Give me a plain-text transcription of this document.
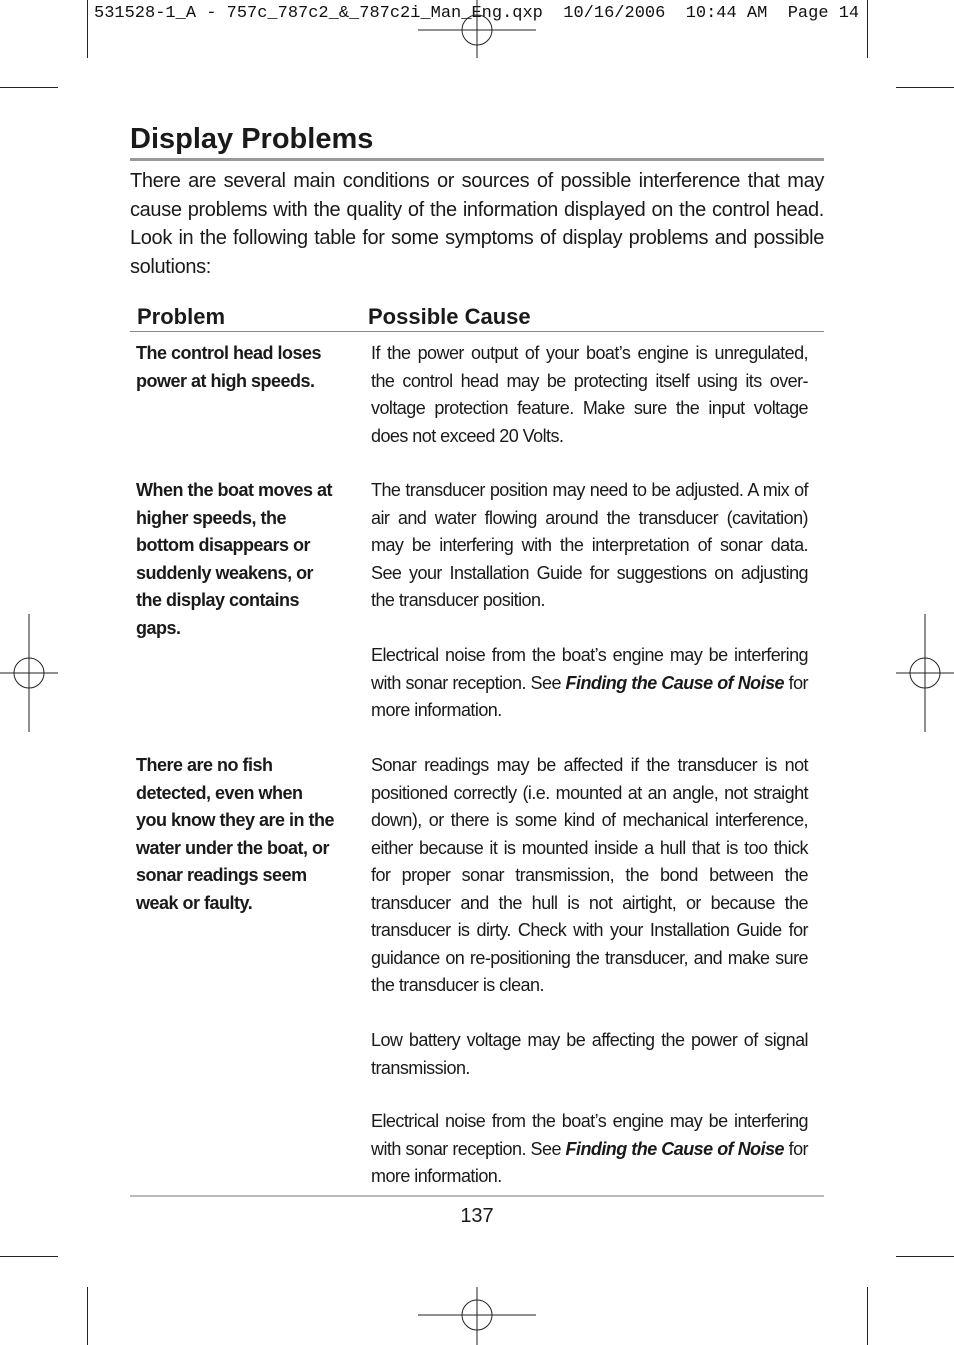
531528-1_A - 757c_787c2_&_787c2i_Man_Eng.qxp  10/16/2006  10:44 AM  Page 14
Display Problems

There are several main conditions or sources of possible interference that may cause problems with the quality of the information displayed on the control head. Look in the following table for some symptoms of display problems and possible solutions:

Problem	Possible Cause
The control head loses power at high speeds.
If the power output of your boat’s engine is unregulated, the control head may be protecting itself using its over-voltage protection feature. Make sure the input voltage does not exceed 20 Volts.
When the boat moves at higher speeds, the bottom disappears or suddenly weakens, or the display contains gaps.
The transducer position may need to be adjusted. A mix of air and water flowing around the transducer (cavitation) may be interfering with the interpretation of sonar data. See your Installation Guide for suggestions on adjusting the transducer position.
Electrical noise from the boat’s engine may be interfering with sonar reception. See Finding the Cause of Noise for more information.
There are no fish detected, even when you know they are in the water under the boat, or sonar readings seem weak or faulty.
Sonar readings may be affected if the transducer is not positioned correctly (i.e. mounted at an angle, not straight down), or there is some kind of mechanical interference, either because it is mounted inside a hull that is too thick for proper sonar transmission, the bond between the transducer and the hull is not airtight, or because the transducer is dirty. Check with your Installation Guide for guidance on re-positioning the transducer, and make sure the transducer is clean.
Low battery voltage may be affecting the power of signal transmission.
Electrical noise from the boat’s engine may be interfering with sonar reception. See Finding the Cause of Noise for more information.
137
